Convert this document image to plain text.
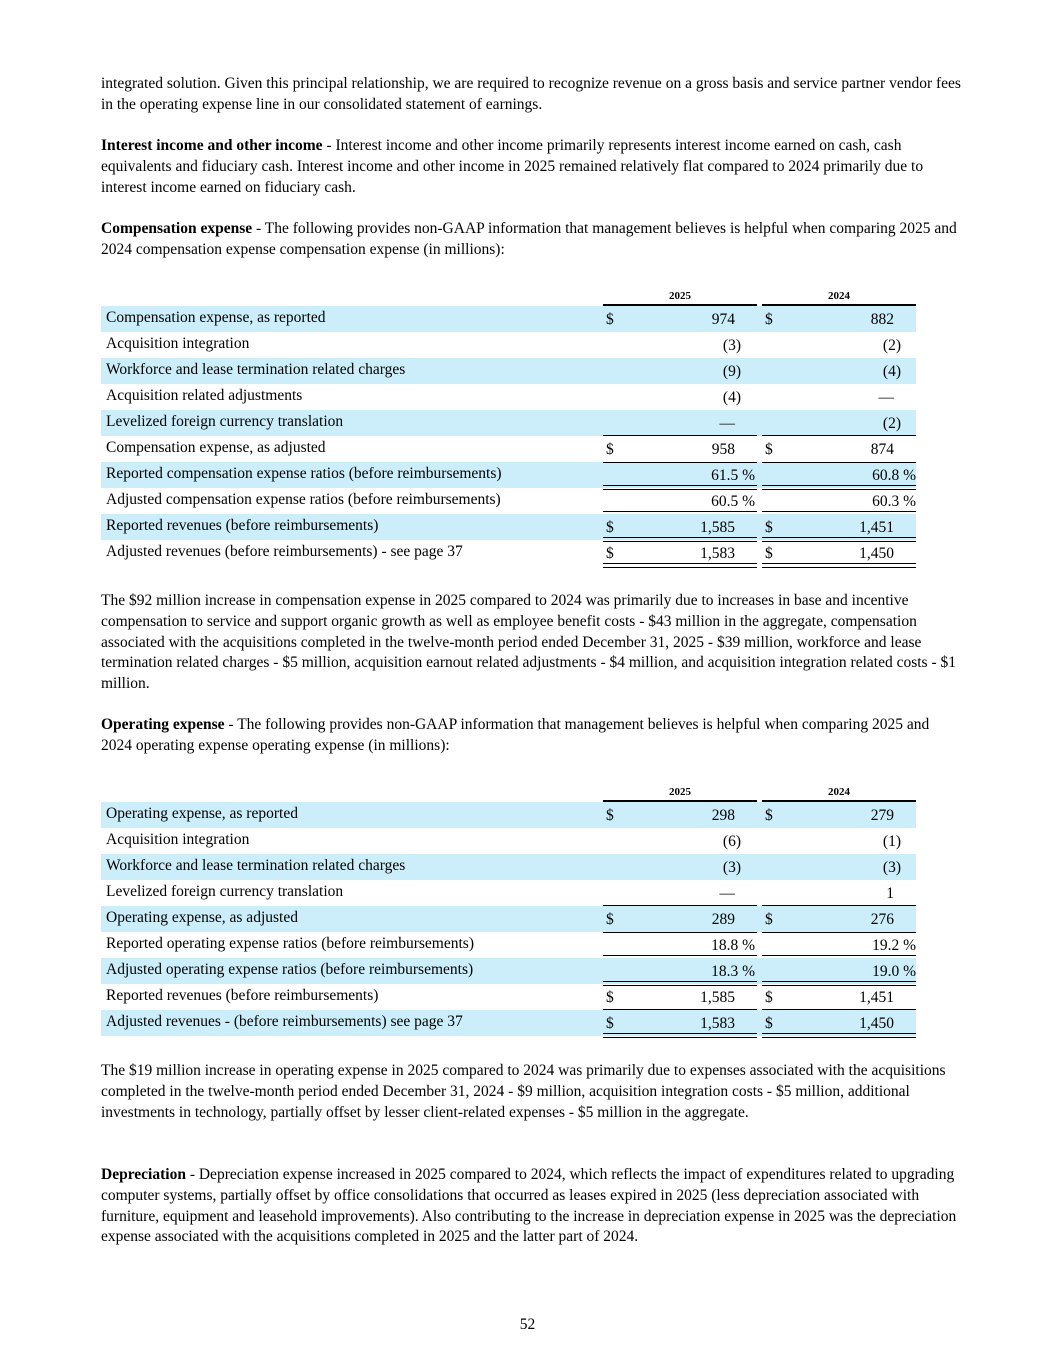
integrated solution. Given this principal relationship, we are required to recognize revenue on a gross basis and service partner vendor fees in the operating expense line in our consolidated statement of earnings.

Interest income and other income - Interest income and other income primarily represents interest income earned on cash, cash equivalents and fiduciary cash. Interest income and other income in 2025 remained relatively flat compared to 2024 primarily due to interest income earned on fiduciary cash.

Compensation expense - The following provides non-GAAP information that management believes is helpful when comparing 2025 and 2024 compensation expense compensation expense (in millions):

2025	2024
Compensation expense, as reported	$	974 $	882
Acquisition integration	(3)	(2)
Workforce and lease termination related charges	(9)	(4)
Acquisition related adjustments	(4)	—
Levelized foreign currency translation	—	(2)
Compensation expense, as adjusted	$	958 $	874
Reported compensation expense ratios (before reimbursements)	61.5 %	60.8 %
Adjusted compensation expense ratios (before reimbursements)	60.5 %	60.3 %
Reported revenues (before reimbursements)	$	1,585 $	1,451
Adjusted revenues (before reimbursements) - see page 37	$	1,583 $	1,450

The $92 million increase in compensation expense in 2025 compared to 2024 was primarily due to increases in base and incentive compensation to service and support organic growth as well as employee benefit costs - $43 million in the aggregate, compensation associated with the acquisitions completed in the twelve-month period ended December 31, 2025 - $39 million, workforce and lease termination related charges - $5 million, acquisition earnout related adjustments - $4 million, and acquisition integration related costs - $1 million.

Operating expense - The following provides non-GAAP information that management believes is helpful when comparing 2025 and 2024 operating expense operating expense (in millions):

2025	2024
Operating expense, as reported	$	298 $	279
Acquisition integration	(6)	(1)
Workforce and lease termination related charges	(3)	(3)
Levelized foreign currency translation	—	1
Operating expense, as adjusted	$	289 $	276
Reported operating expense ratios (before reimbursements)	18.8 %	19.2 %
Adjusted operating expense ratios (before reimbursements)	18.3 %	19.0 %
Reported revenues (before reimbursements)	$	1,585 $	1,451
Adjusted revenues - (before reimbursements) see page 37	$	1,583 $	1,450

The $19 million increase in operating expense in 2025 compared to 2024 was primarily due to expenses associated with the acquisitions completed in the twelve-month period ended December 31, 2024 - $9 million, acquisition integration costs - $5 million, additional investments in technology, partially offset by lesser client-related expenses - $5 million in the aggregate.

Depreciation - Depreciation expense increased in 2025 compared to 2024, which reflects the impact of expenditures related to upgrading computer systems, partially offset by office consolidations that occurred as leases expired in 2025 (less depreciation associated with furniture, equipment and leasehold improvements). Also contributing to the increase in depreciation expense in 2025 was the depreciation expense associated with the acquisitions completed in 2025 and the latter part of 2024.

52
